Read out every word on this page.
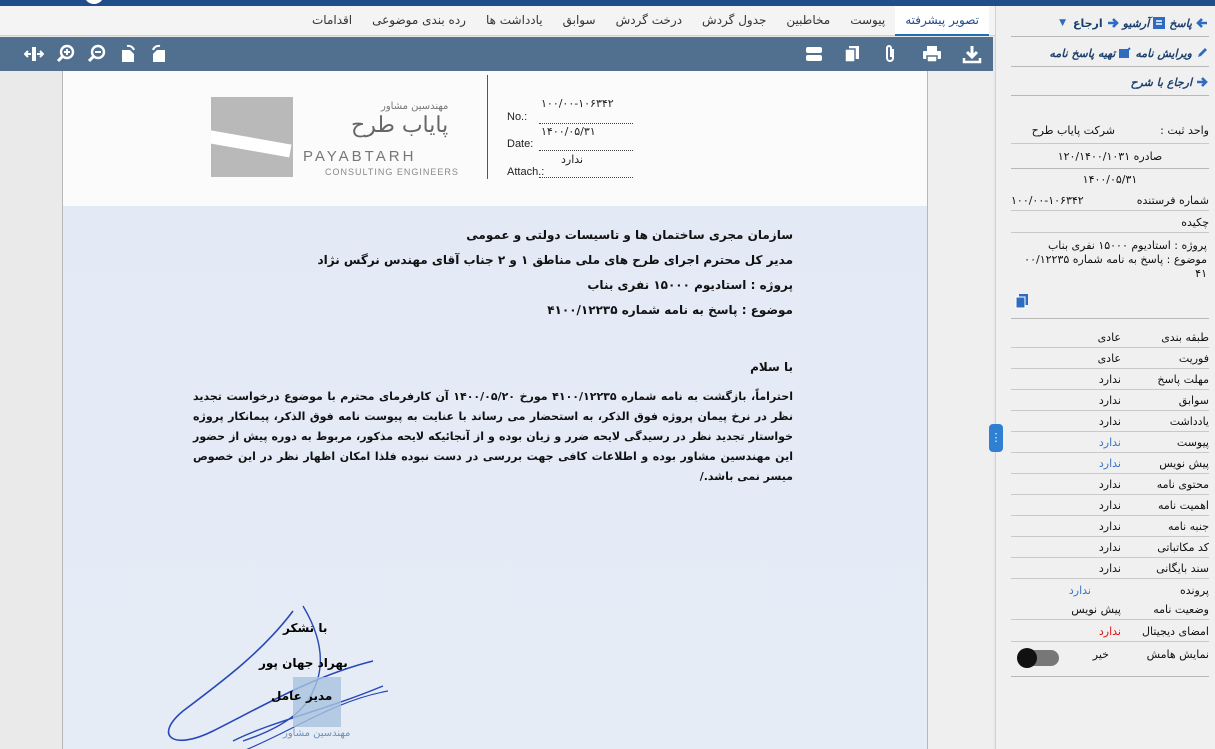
تصویر پیشرفته
پیوست
مخاطبین
جدول گردش
درخت گردش
سوابق
یادداشت ها
رده بندی موضوعی
اقدامات
مهندسین مشاور
پایاب طرح
PAYABTARH
CONSULTING ENGINEERS
۱۰۰/۰۰-۱۰۶۳۴۲
No.:
۱۴۰۰/۰۵/۳۱
Date:
ندارد
Attach.:
سازمان مجری ساختمان ها و تاسیسات دولتی و عمومی
مدیر کل محترم اجرای طرح های ملی مناطق ۱ و ۲ جناب آقای مهندس نرگس نژاد
پروژه : استادیوم ۱۵۰۰۰ نفری بناب
موضوع : پاسخ به نامه شماره ۴۱۰۰/۱۲۲۳۵
با سلام
احتراماً، بازگشت به نامه شماره ۴۱۰۰/۱۲۲۳۵ مورخ ۱۴۰۰/۰۵/۲۰ آن کارفرمای محترم با موضوع درخواست تجدید نظر در نرخ پیمان پروژه فوق الذکر، به استحضار می رساند با عنایت به پیوست نامه فوق الذکر، پیمانکار پروژه خواستار تجدید نظر در رسیدگی لایحه ضرر و زیان بوده و از آنجائیکه لایحه مذکور، مربوط به دوره پیش از حضور این مهندسین مشاور بوده و اطلاعات کافی جهت بررسی در دست نبوده فلذا امکان اظهار نظر در این خصوص میسر نمی باشد./
با تشکر
بهراد جهان پور
مدیر عامل
مهندسین مشاور
⋮
پاسخ
آرشیو
ارجاع
▼
ویرایش نامه
تهیه پاسخ نامه
ارجاع با شرح
واحد ثبت :
شرکت پایاب طرح
صادره ۱۲۰/۱۴۰۰/۱۰۳۱
۱۴۰۰/۰۵/۳۱
شماره فرستنده
۱۰۰/۰۰-۱۰۶۳۴۲
چکیده
پروژه : استادیوم ۱۵۰۰۰ نفری بناب
موضوع : پاسخ به نامه شماره ۰۰/۱۲۲۳۵
۴۱
پرونده
ندارد
وضعیت نامه
پیش نویس
امضای دیجیتال
ندارد
نمایش هامش
خیر
طبقه بندی
عادی
فوریت
عادی
مهلت پاسخ
ندارد
سوابق
ندارد
یادداشت
ندارد
پیوست
ندارد
پیش نویس
ندارد
محتوی نامه
ندارد
اهمیت نامه
ندارد
جنبه نامه
ندارد
کد مکاتباتی
ندارد
سند بایگانی
ندارد
